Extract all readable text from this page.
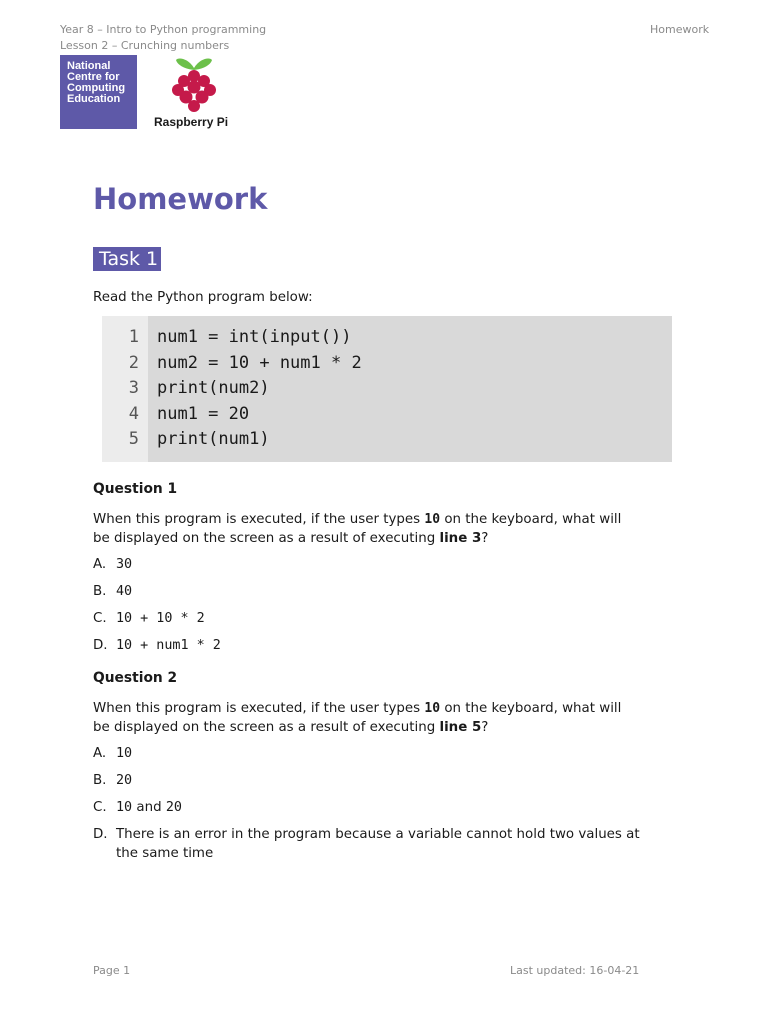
Year 8 – Intro to Python programming
Lesson 2 – Crunching numbers
Homework
National
Centre for
Computing
Education
Raspberry Pi
Homework
Task 1
Read the Python program below:
1
2
3
4
5
num1 = int(input())
num2 = 10 + num1 * 2
print(num2)
num1 = 20
print(num1)
Question 1
When this program is executed, if the user types 10 on the keyboard, what will be displayed on the screen as a result of executing line 3?
A. 30
B. 40
C. 10 + 10 * 2
D. 10 + num1 * 2
Question 2
When this program is executed, if the user types 10 on the keyboard, what will be displayed on the screen as a result of executing line 5?
A. 10
B. 20
C. 10 and 20
D. There is an error in the program because a variable cannot hold two values at the same time
Page 1	Last updated: 16-04-21
